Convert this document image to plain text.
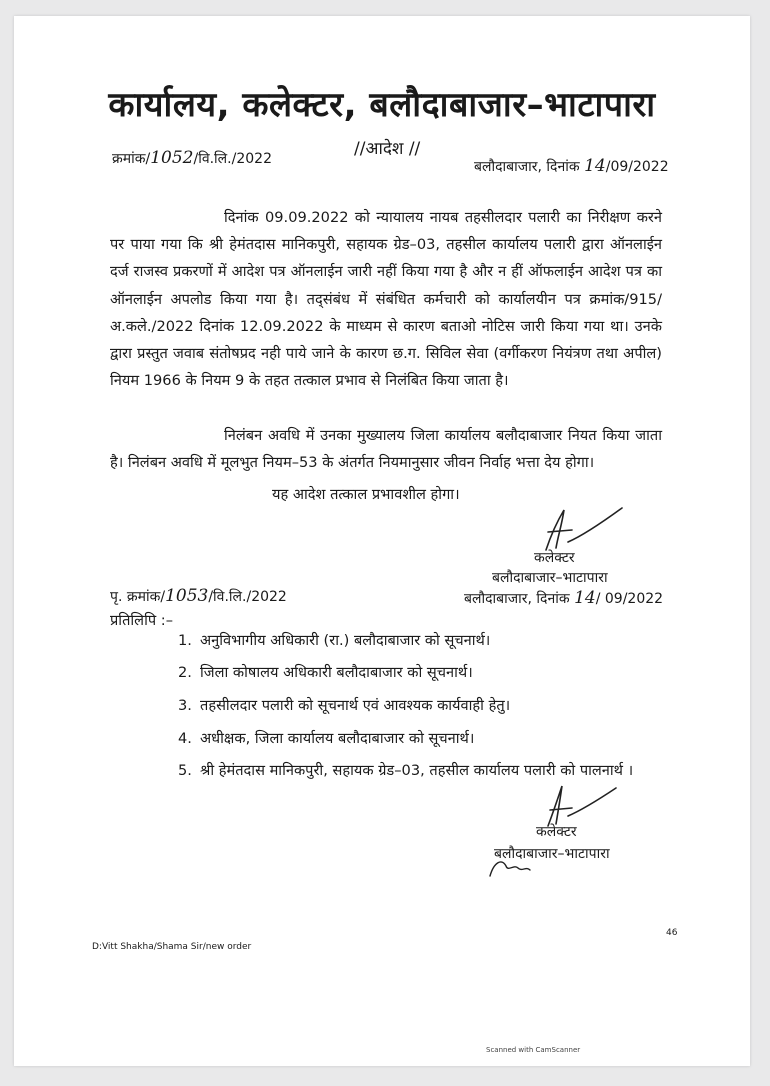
कार्यालय, कलेक्टर, बलौदाबाजार–भाटापारा
//आदेश //
क्रमांक/1052/वि.लि./2022	बलौदाबाजार, दिनांक 14/09/2022
दिनांक 09.09.2022 को न्यायालय नायब तहसीलदार पलारी का निरीक्षण करने पर पाया गया कि श्री हेमंतदास मानिकपुरी, सहायक ग्रेड–03, तहसील कार्यालय पलारी द्वारा ऑनलाईन दर्ज राजस्व प्रकरणों में आदेश पत्र ऑनलाईन जारी नहीं किया गया है और न हीं ऑफलाईन आदेश पत्र का ऑनलाईन अपलोड किया गया है। तद्संबंध में संबंधित कर्मचारी को कार्यालयीन पत्र क्रमांक/915/अ.कले./2022 दिनांक 12.09.2022 के माध्यम से कारण बताओ नोटिस जारी किया गया था। उनके द्वारा प्रस्तुत जवाब संतोषप्रद नही पाये जाने के कारण छ.ग. सिविल सेवा (वर्गीकरण नियंत्रण तथा अपील) नियम 1966 के नियम 9 के तहत तत्काल प्रभाव से निलंबित किया जाता है।
निलंबन अवधि में उनका मुख्यालय जिला कार्यालय बलौदाबाजार नियत किया जाता है। निलंबन अवधि में मूलभुत नियम–53 के अंतर्गत नियमानुसार जीवन निर्वाह भत्ता देय होगा।
यह आदेश तत्काल प्रभावशील होगा।
कलेक्टर
बलौदाबाजार–भाटापारा
पृ. क्रमांक/1053/वि.लि./2022	बलौदाबाजार, दिनांक 14/ 09/2022
प्रतिलिपि :–
1. अनुविभागीय अधिकारी (रा.) बलौदाबाजार को सूचनार्थ।
2. जिला कोषालय अधिकारी बलौदाबाजार को सूचनार्थ।
3. तहसीलदार पलारी को सूचनार्थ एवं आवश्यक कार्यवाही हेतु।
4. अधीक्षक, जिला कार्यालय बलौदाबाजार को सूचनार्थ।
5. श्री हेमंतदास मानिकपुरी, सहायक ग्रेड–03, तहसील कार्यालय पलारी को पालनार्थ ।
कलेक्टर
बलौदाबाजार–भाटापारा
D:Vitt Shakha/Shama Sir/new order
46
Scanned with CamScanner
